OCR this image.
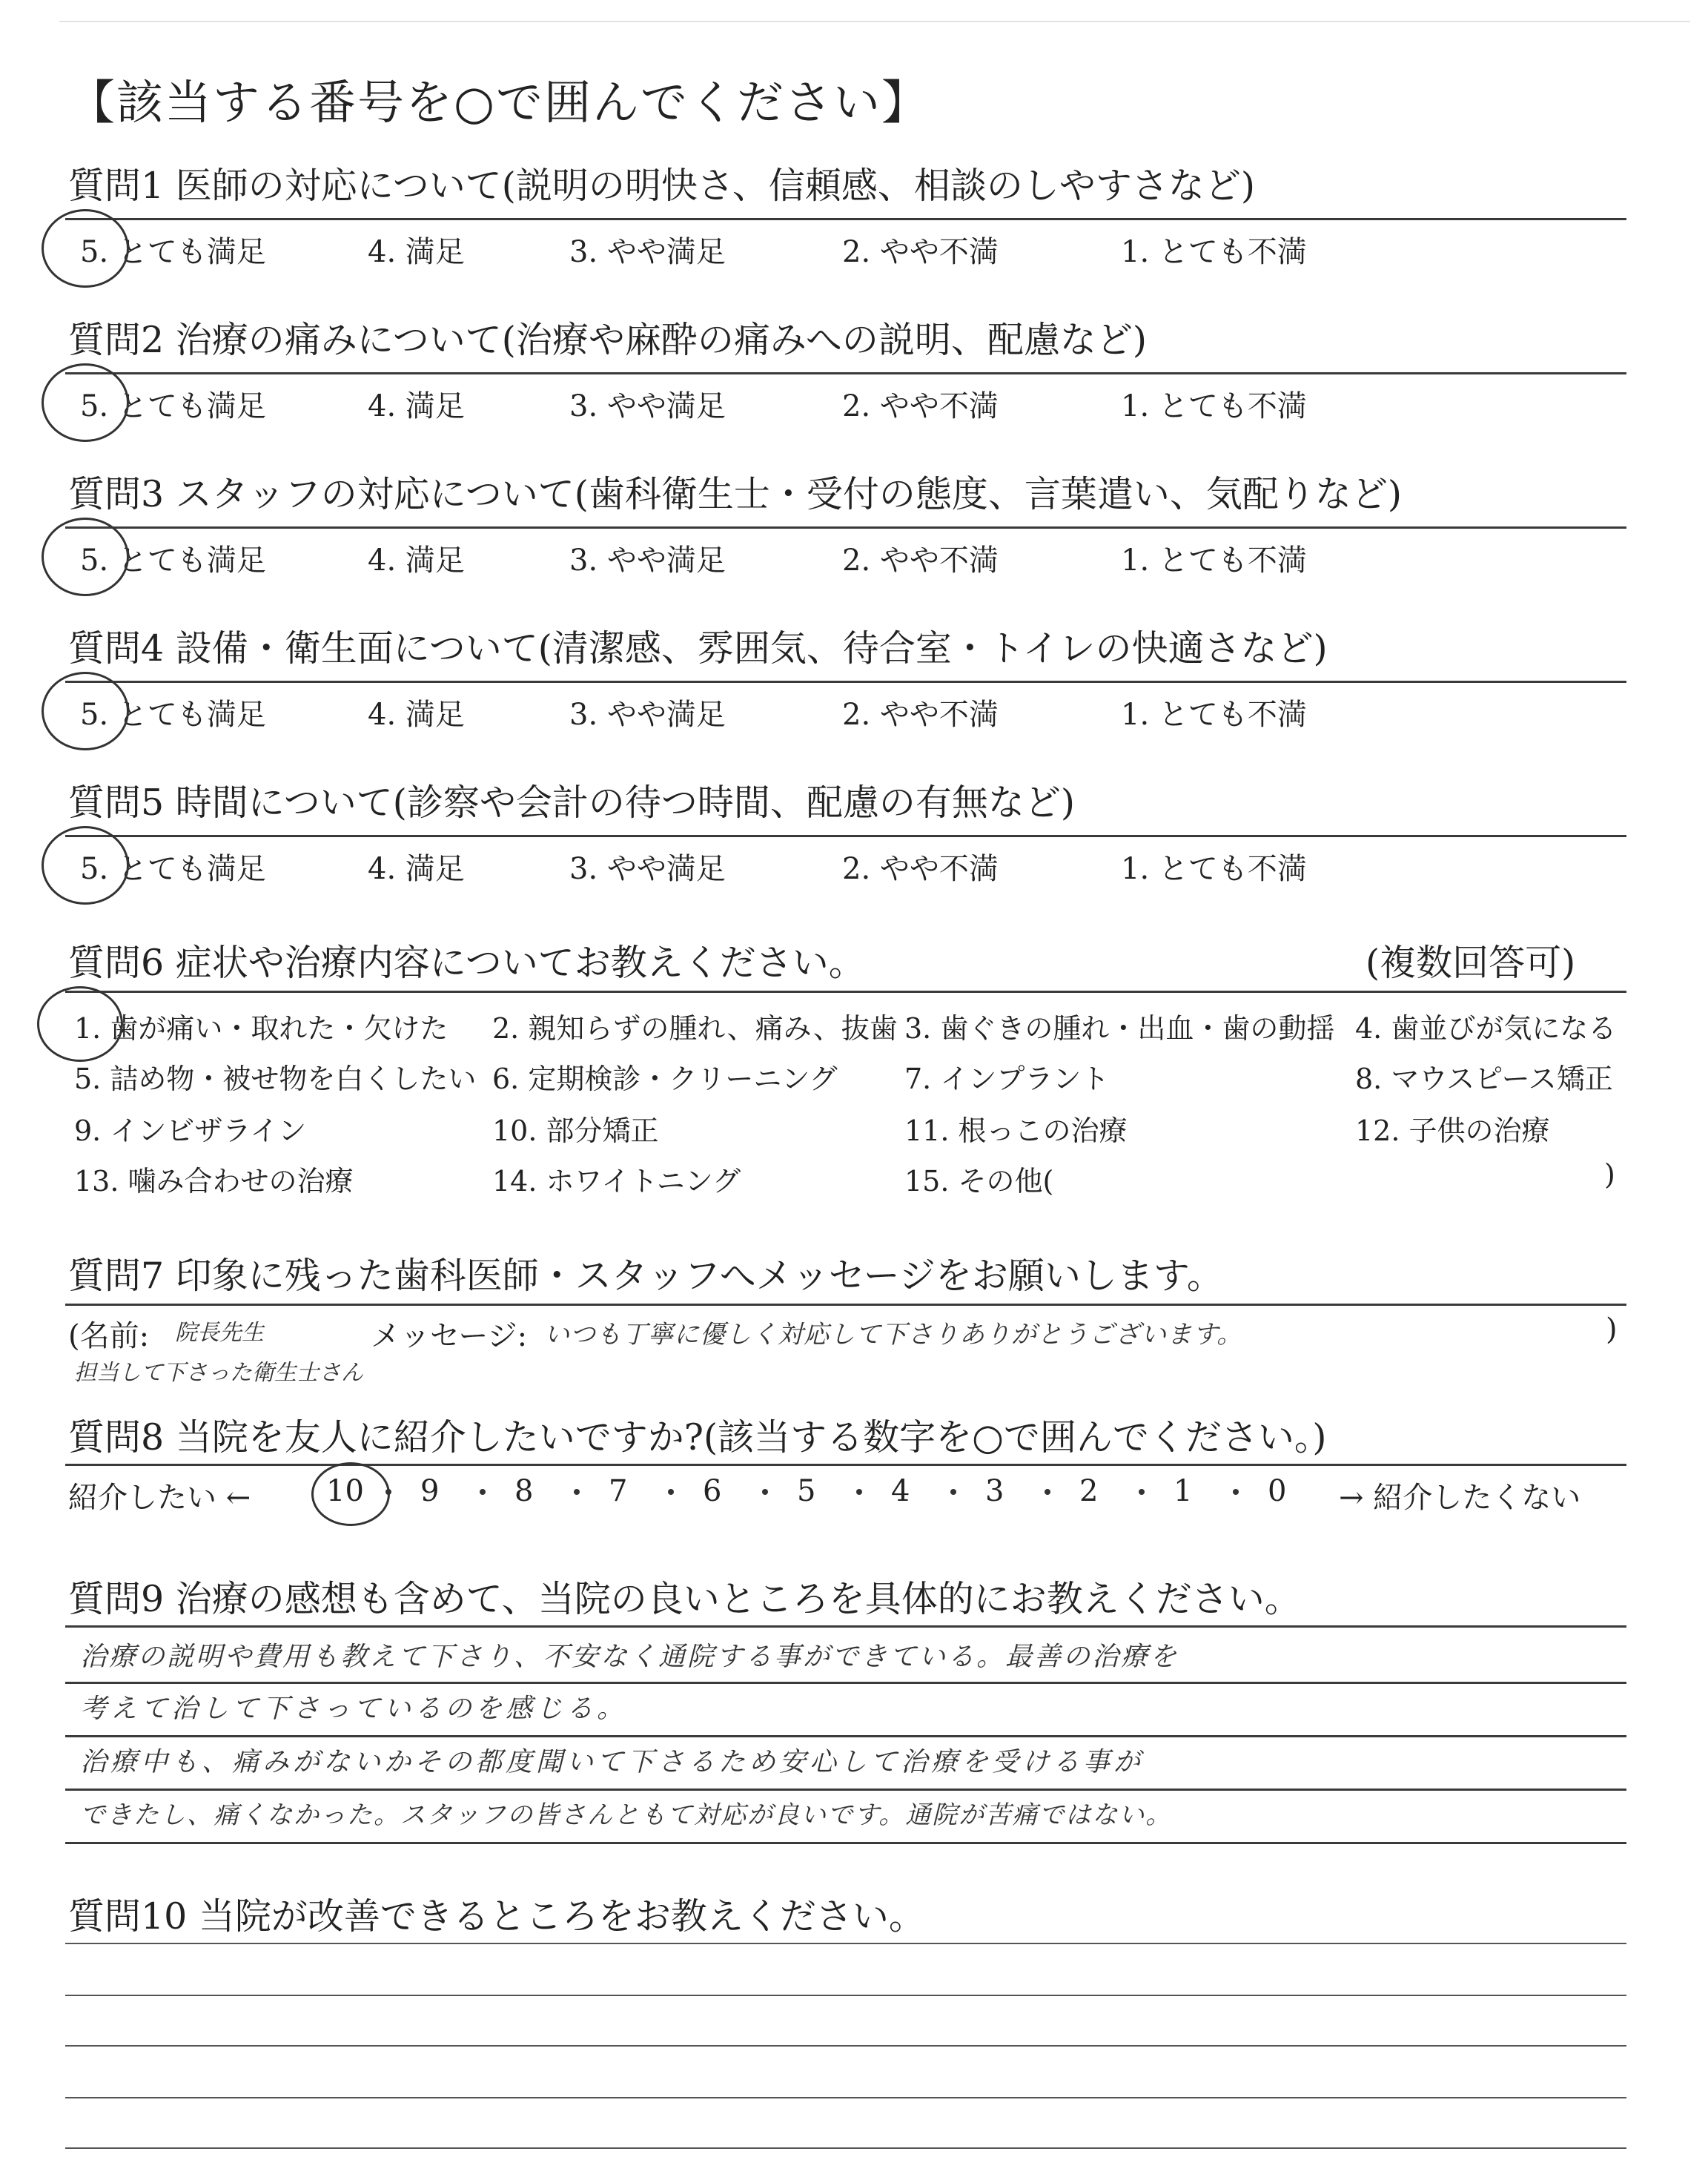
【該当する番号を○で囲んでください】
質問1 医師の対応について(説明の明快さ、信頼感、相談のしやすさなど)
5. とても満足	4. 満足	3. やや満足	2. やや不満	1. とても不満
質問2 治療の痛みについて(治療や麻酔の痛みへの説明、配慮など)
5. とても満足	4. 満足	3. やや満足	2. やや不満	1. とても不満
質問3 スタッフの対応について(歯科衛生士・受付の態度、言葉遣い、気配りなど)
5. とても満足	4. 満足	3. やや満足	2. やや不満	1. とても不満
質問4 設備・衛生面について(清潔感、雰囲気、待合室・トイレの快適さなど)
5. とても満足	4. 満足	3. やや満足	2. やや不満	1. とても不満
質問5 時間について(診察や会計の待つ時間、配慮の有無など)
5. とても満足	4. 満足	3. やや満足	2. やや不満	1. とても不満
質問6 症状や治療内容についてお教えください。	(複数回答可)
1. 歯が痛い・取れた・欠けた 2. 親知らずの腫れ、痛み、抜歯 3. 歯ぐきの腫れ・出血・歯の動揺 4. 歯並びが気になる
5. 詰め物・被せ物を白くしたい 6. 定期検診・クリーニング 7. インプラント	8. マウスピース矯正
9. インビザライン	10. 部分矯正	11. 根っこの治療	12. 子供の治療
13. 噛み合わせの治療	14. ホワイトニング	15. その他(	)
質問7 印象に残った歯科医師・スタッフへメッセージをお願いします。
(名前: 院長先生
担当して下さった衛生士さん
メッセージ: いつも丁寧に優しく対応して下さりありがとうございます。	)
質問8 当院を友人に紹介したいですか?(該当する数字を○で囲んでください。)
紹介したい ←	10 9	8	7	6	5	4	3	2	1	0 → 紹介したくない
質問9 治療の感想も含めて、当院の良いところを具体的にお教えください。
治療の説明や費用も教えて下さり、不安なく通院する事ができている。最善の治療を
考えて治して下さっているのを感じる。
治療中も、痛みがないかその都度聞いて下さるため安心して治療を受ける事が
できたし、痛くなかった。スタッフの皆さんともて対応が良いです。通院が苦痛ではない。
質問10 当院が改善できるところをお教えください。
